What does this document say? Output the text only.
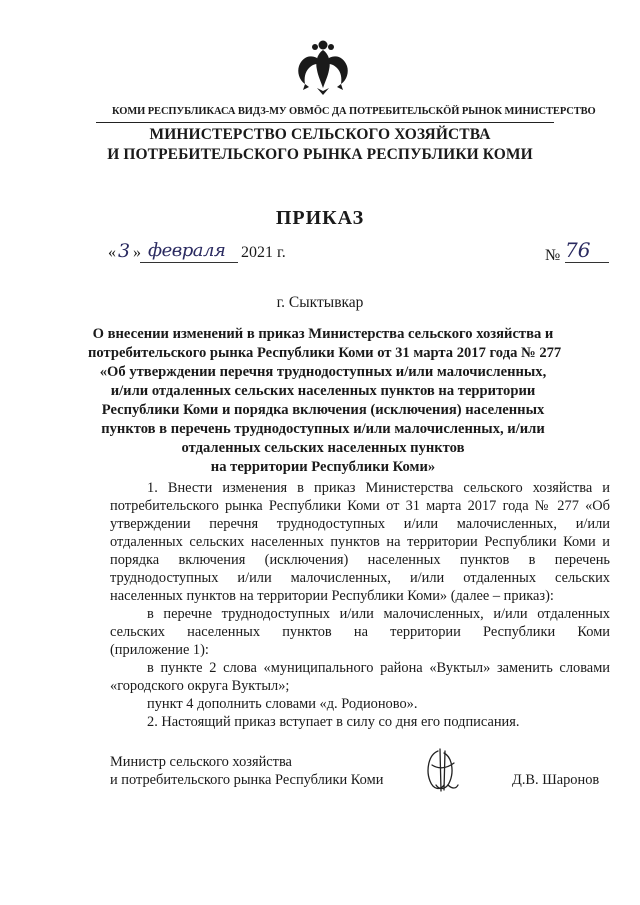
КОМИ РЕСПУБЛИКАСА ВИДЗ-МУ ОВМÖС ДА ПОТРЕБИТЕЛЬСКÖЙ РЫНОК МИНИСТЕРСТВО
МИНИСТЕРСТВО СЕЛЬСКОГО ХОЗЯЙСТВА
И ПОТРЕБИТЕЛЬСКОГО РЫНКА РЕСПУБЛИКИ КОМИ
ПРИКАЗ
« 3 » февраля 2021 г.	№ 76
г. Сыктывкар
О внесении изменений в приказ Министерства сельского хозяйства и
потребительского рынка Республики Коми от 31 марта 2017 года № 277
«Об утверждении перечня труднодоступных и/или малочисленных,
и/или отдаленных сельских населенных пунктов на территории
Республики Коми и порядка включения (исключения) населенных
пунктов в перечень труднодоступных и/или малочисленных, и/или
отдаленных сельских населенных пунктов
на территории Республики Коми»
1. Внести изменения в приказ Министерства сельского хозяйства и
потребительского рынка Республики Коми от 31 марта 2017 года № 277 «Об
утверждении перечня труднодоступных и/или малочисленных, и/или
отдаленных сельских населенных пунктов на территории Республики Коми и
порядка включения (исключения) населенных пунктов в перечень
труднодоступных и/или малочисленных, и/или отдаленных сельских
населенных пунктов на территории Республики Коми» (далее – приказ):
в перечне труднодоступных и/или малочисленных, и/или отдаленных
сельских населенных пунктов на территории Республики Коми
(приложение 1):
в пункте 2 слова «муниципального района «Вуктыл» заменить словами
«городского округа Вуктыл»;
пункт 4 дополнить словами «д. Родионово».
2. Настоящий приказ вступает в силу со дня его подписания.
Министр сельского хозяйства
и потребительского рынка Республики Коми	Д.В. Шаронов
